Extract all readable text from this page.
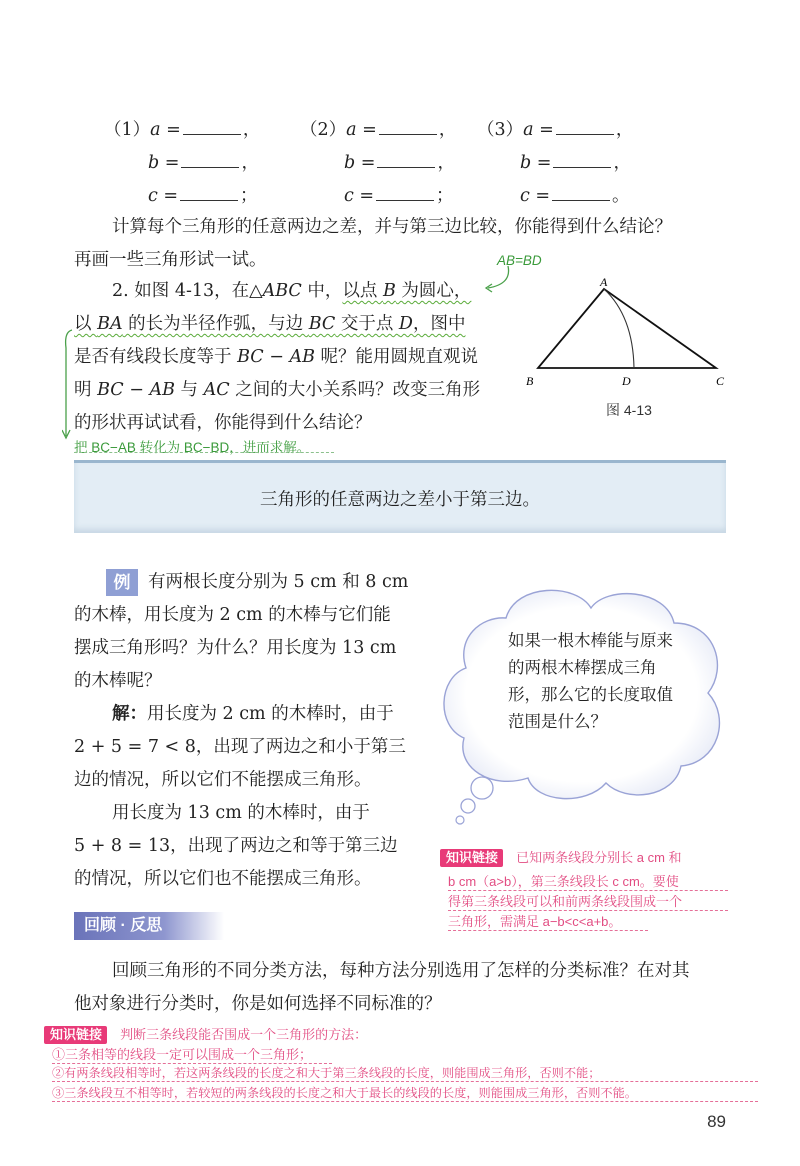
（1）a =	， （2）a =	， （3）a =	，
b =	，	b =	，	b =	，
c =	；	c =	；	c =	。
计算每个三角形的任意两边之差，并与第三边比较，你能得到什么结论？
再画一些三角形试一试。	AB=BD
2. 如图 4-13，在△ABC 中，以点 B 为圆心，
以 BA 的长为半径作弧，与边 BC 交于点 D，图中
是否有线段长度等于 BC − AB 呢？能用圆规直观说
明 BC − AB 与 AC 之间的大小关系吗？改变三角形
的形状再试试看，你能得到什么结论？
把 BC−AB 转化为 BC−BD，进而求解。
A
B	C
D
图 4-13
三角形的任意两边之差小于第三边。
例	有两根长度分别为 5 cm 和 8 cm
的木棒，用长度为 2 cm 的木棒与它们能
摆成三角形吗？为什么？用长度为 13 cm
的木棒呢？
解：用长度为 2 cm 的木棒时，由于
2 + 5 = 7 < 8，出现了两边之和小于第三
边的情况，所以它们不能摆成三角形。
用长度为 13 cm 的木棒时，由于
5 + 8 = 13，出现了两边之和等于第三边
的情况，所以它们也不能摆成三角形。
如果一根木棒能与原来
的两根木棒摆成三角
形，那么它的长度取值
范围是什么？
知识链接 已知两条线段分别长 a cm 和
b cm（a>b），第三条线段长 c cm。要使
得第三条线段可以和前两条线段围成一个
三角形，需满足 a−b<c<a+b。
回顾 · 反思
回顾三角形的不同分类方法，每种方法分别选用了怎样的分类标准？在对其
他对象进行分类时，你是如何选择不同标准的？
知识链接 判断三条线段能否围成一个三角形的方法：
①三条相等的线段一定可以围成一个三角形；
②有两条线段相等时，若这两条线段的长度之和大于第三条线段的长度，则能围成三角形，否则不能；
③三条线段互不相等时，若较短的两条线段的长度之和大于最长的线段的长度，则能围成三角形，否则不能。
89
